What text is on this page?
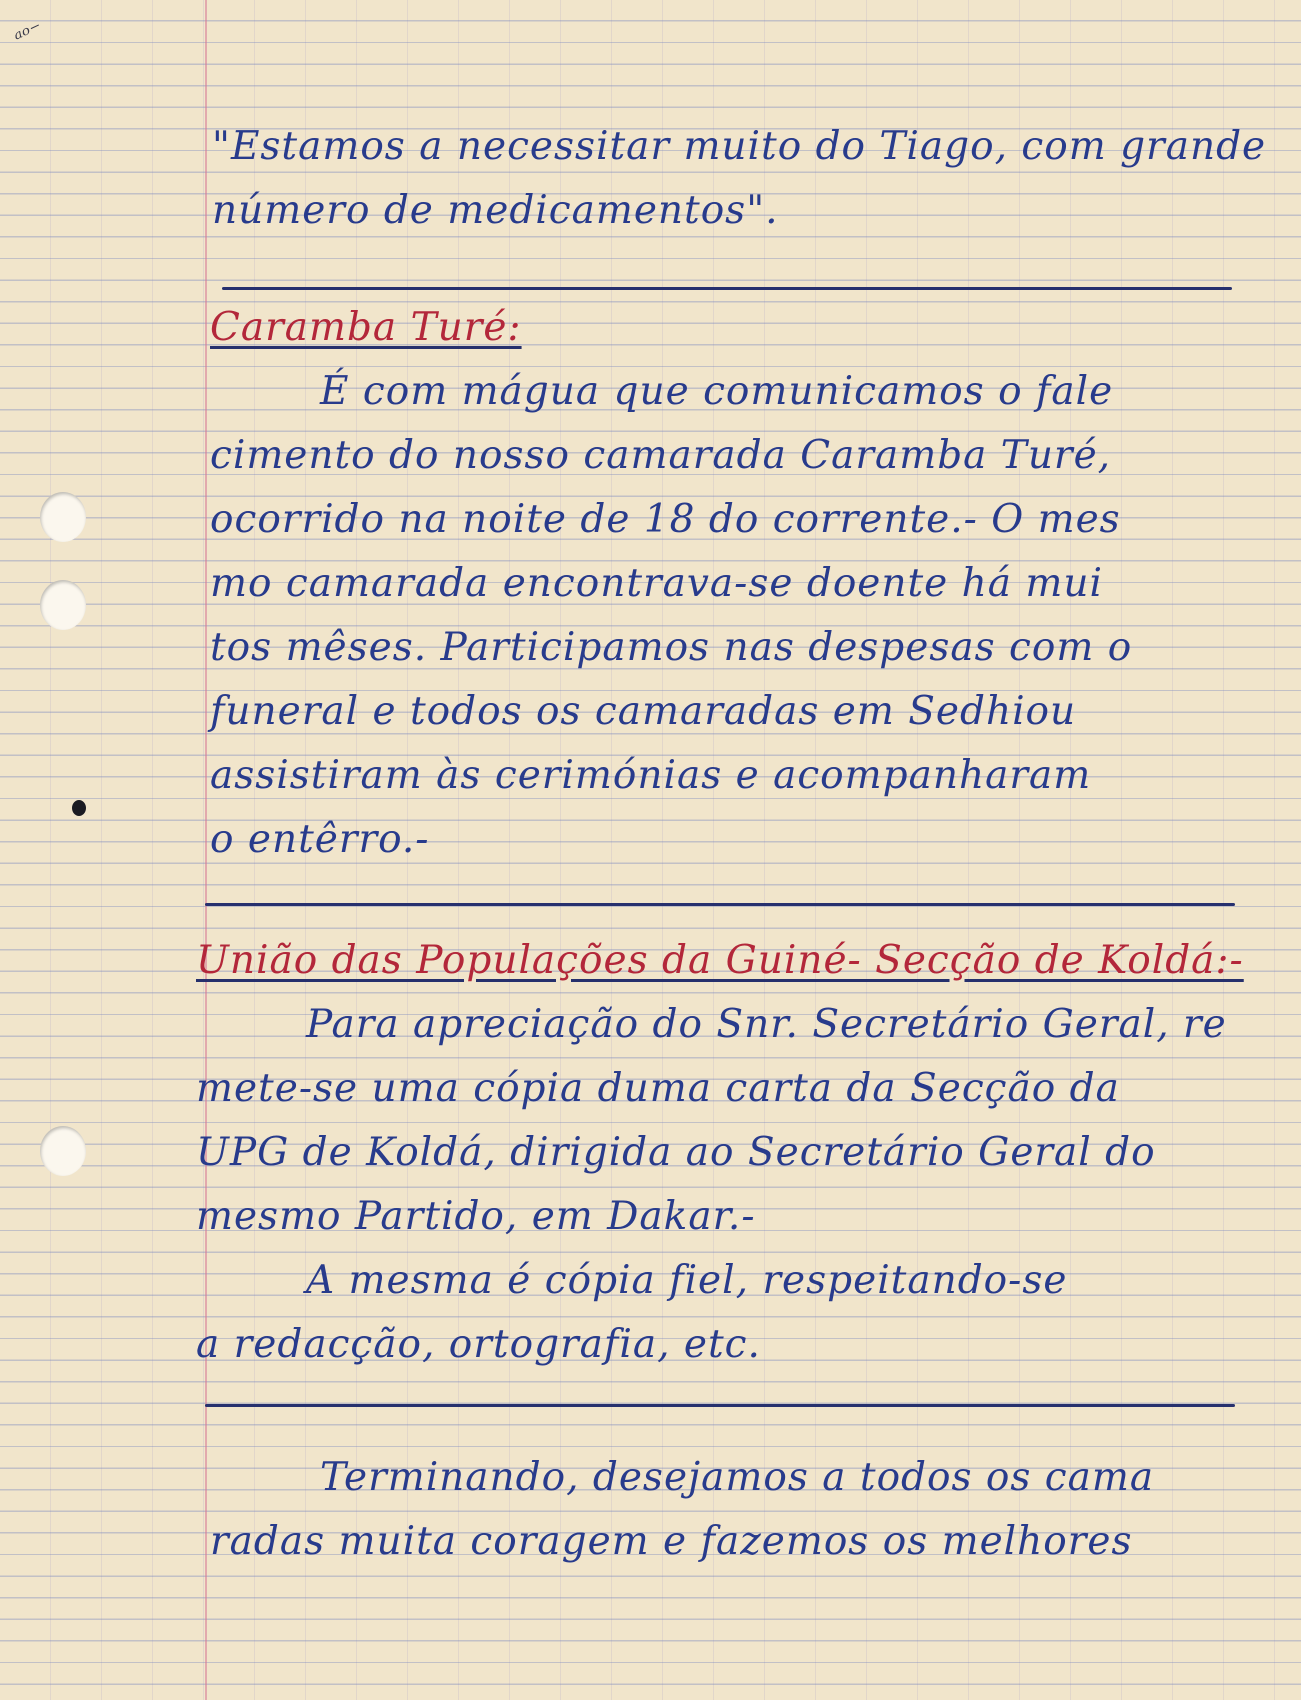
ᵃᵒ⁻
"Estamos a necessitar muito do Tiago, com grande
número de medicamentos".
Caramba Turé:
É com mágua que comunicamos o fale
cimento do nosso camarada Caramba Turé,
ocorrido na noite de 18 do corrente.- O mes
mo camarada encontrava-se doente há mui
tos mêses. Participamos nas despesas com o
funeral e todos os camaradas em Sedhiou
assistiram às cerimónias e acompanharam
o entêrro.-
União das Populações da Guiné- Secção de Koldá:-
Para apreciação do Snr. Secretário Geral, re
mete-se uma cópia duma carta da Secção da
UPG de Koldá, dirigida ao Secretário Geral do
mesmo Partido, em Dakar.-
A mesma é cópia fiel, respeitando-se
a redacção, ortografia, etc.
Terminando, desejamos a todos os cama
radas muita coragem e fazemos os melhores
